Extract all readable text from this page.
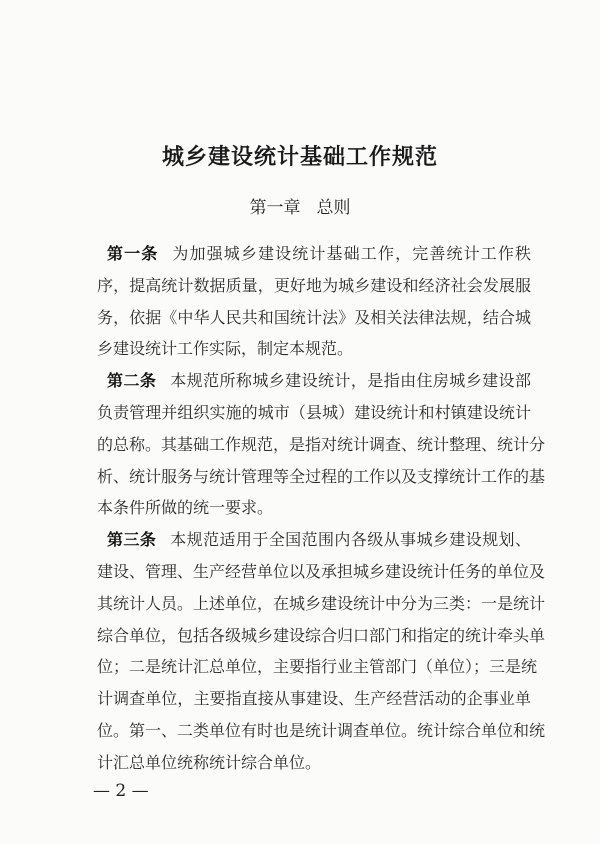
城乡建设统计基础工作规范
第一章 总则
第一条 为加强城乡建设统计基础工作，完善统计工作秩
序，提高统计数据质量，更好地为城乡建设和经济社会发展服
务，依据《中华人民共和国统计法》及相关法律法规，结合城
乡建设统计工作实际，制定本规范。
第二条 本规范所称城乡建设统计，是指由住房城乡建设部
负责管理并组织实施的城市（县城）建设统计和村镇建设统计
的总称。其基础工作规范，是指对统计调查、统计整理、统计分
析、统计服务与统计管理等全过程的工作以及支撑统计工作的基
本条件所做的统一要求。
第三条 本规范适用于全国范围内各级从事城乡建设规划、
建设、管理、生产经营单位以及承担城乡建设统计任务的单位及
其统计人员。上述单位，在城乡建设统计中分为三类：一是统计
综合单位，包括各级城乡建设综合归口部门和指定的统计牵头单
位；二是统计汇总单位，主要指行业主管部门（单位）；三是统
计调查单位，主要指直接从事建设、生产经营活动的企事业单
位。第一、二类单位有时也是统计调查单位。统计综合单位和统
计汇总单位统称统计综合单位。
— 2 —
